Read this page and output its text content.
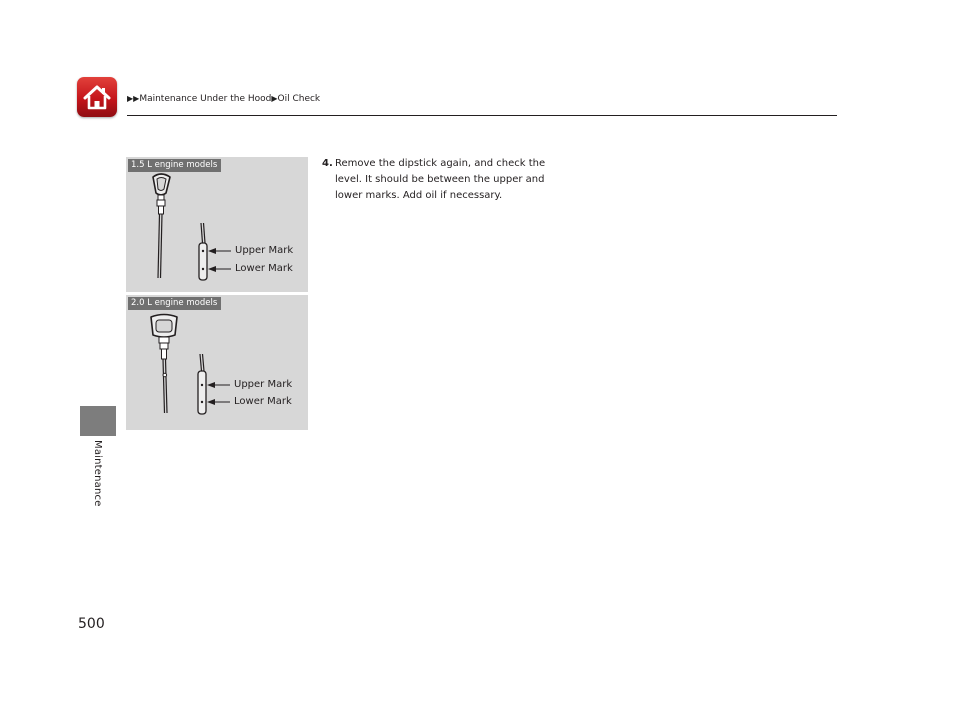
▶▶Maintenance Under the Hood▶Oil Check
Maintenance
500
1.5 L engine models
Upper Mark
Lower Mark
2.0 L engine models
Upper Mark
Lower Mark
4. Remove the dipstick again, and check the level. It should be between the upper and lower marks. Add oil if necessary.
